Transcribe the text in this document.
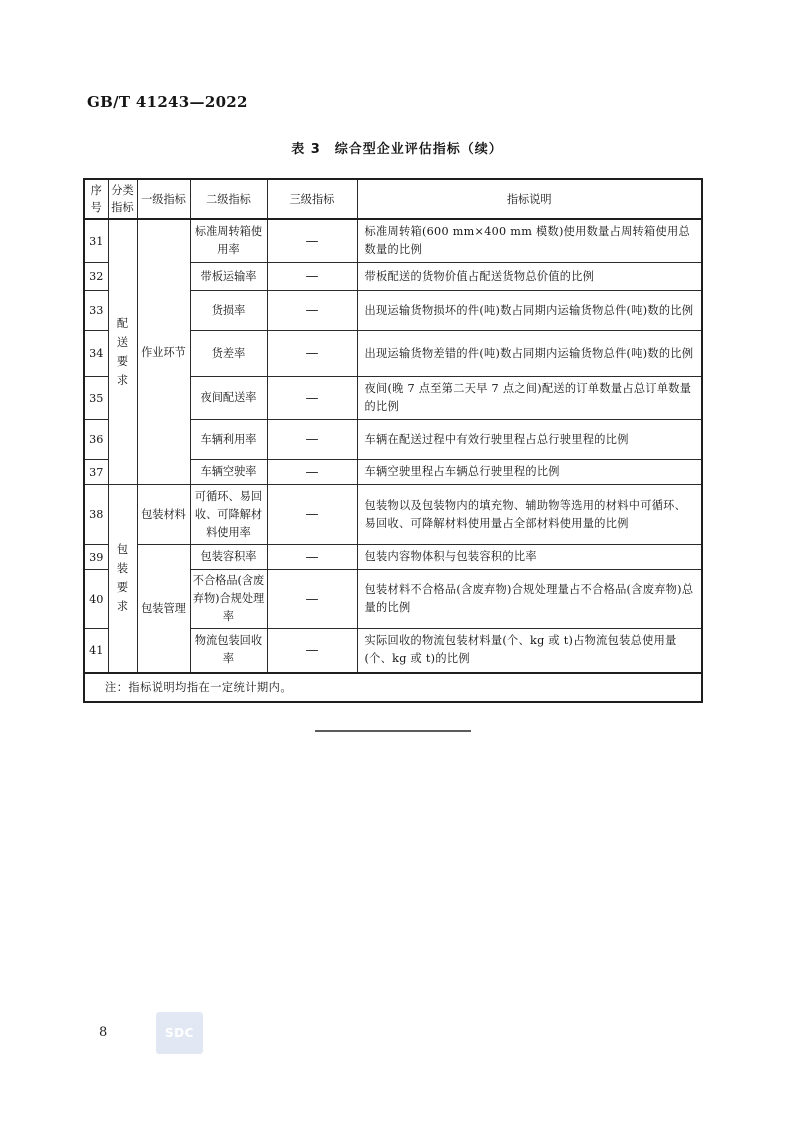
GB/T 41243—2022
表 3　综合型企业评估指标（续）
序号	分类指标	一级指标	二级指标	三级指标	指标说明
31	配送要求	作业环节	标准周转箱使用率	—	标准周转箱(600 mm×400 mm 模数)使用数量占周转箱使用总数量的比例
32			带板运输率	—	带板配送的货物价值占配送货物总价值的比例
33			货损率	—	出现运输货物损坏的件(吨)数占同期内运输货物总件(吨)数的比例
34			货差率	—	出现运输货物差错的件(吨)数占同期内运输货物总件(吨)数的比例
35			夜间配送率	—	夜间(晚 7 点至第二天早 7 点之间)配送的订单数量占总订单数量的比例
36			车辆利用率	—	车辆在配送过程中有效行驶里程占总行驶里程的比例
37			车辆空驶率	—	车辆空驶里程占车辆总行驶里程的比例
38	包装要求	包装材料	可循环、易回收、可降解材料使用率	—	包装物以及包装物内的填充物、辅助物等选用的材料中可循环、易回收、可降解材料使用量占全部材料使用量的比例
39		包装管理	包装容积率	—	包装内容物体积与包装容积的比率
40			不合格品(含废弃物)合规处理率	—	包装材料不合格品(含废弃物)合规处理量占不合格品(含废弃物)总量的比例
41			物流包装回收率	—	实际回收的物流包装材料量(个、kg 或 t)占物流包装总使用量(个、kg 或 t)的比例
注：指标说明均指在一定统计期内。					
SDC
8
